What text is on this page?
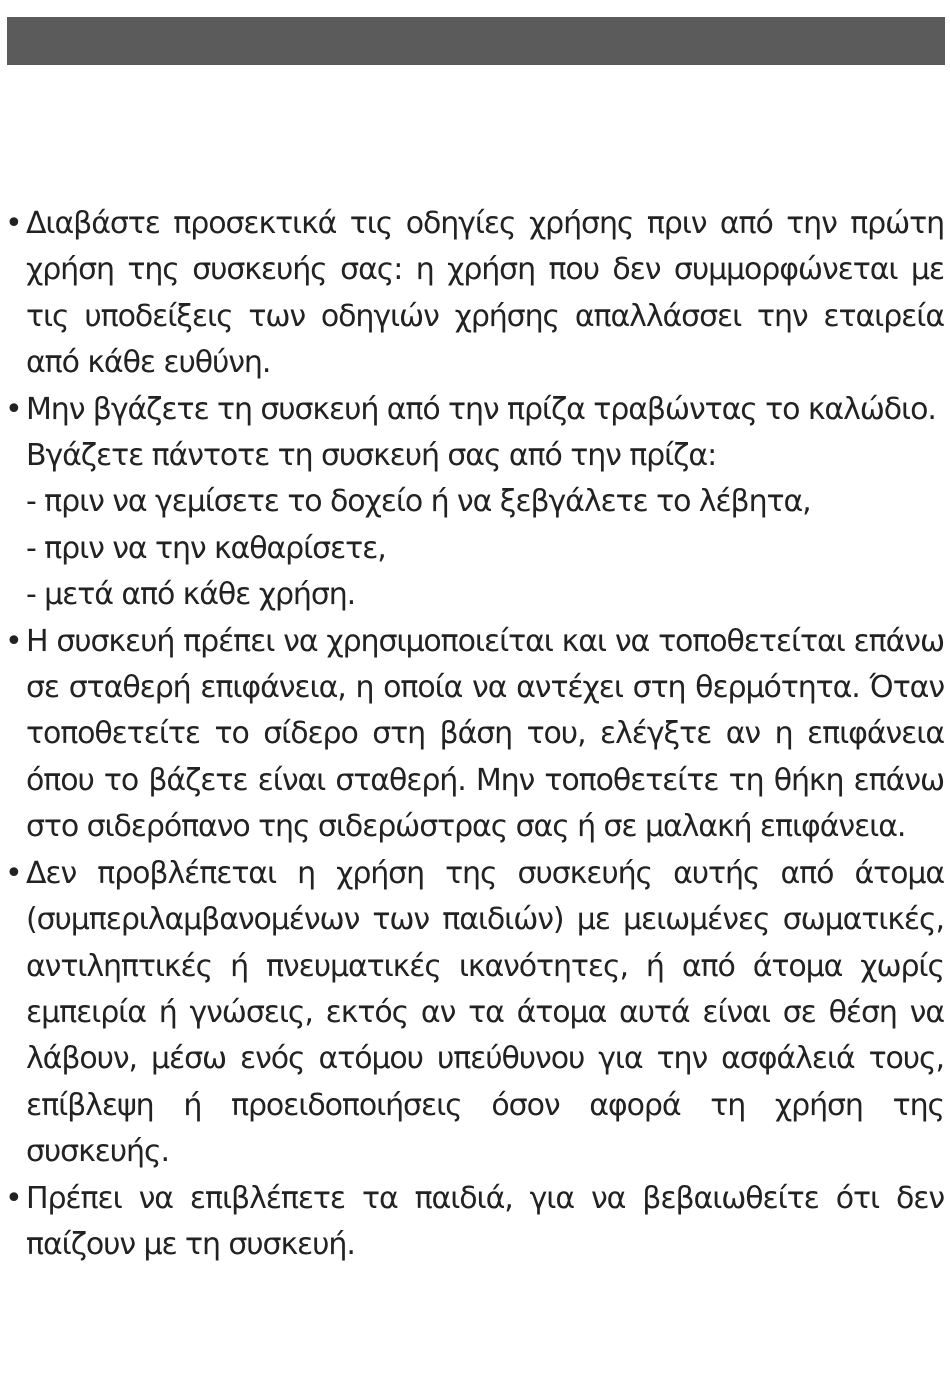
• Διαβάστε προσεκτικά τις οδηγίες χρήσης πριν από την πρώτη χρήση της συσκευής σας: η χρήση που δεν συμμορφώνεται με τις υποδείξεις των οδηγιών χρήσης απαλλάσσει την εταιρεία από κάθε ευθύνη.

• Μην βγάζετε τη συσκευή από την πρίζα τραβώντας το καλώδιο.

Βγάζετε πάντοτε τη συσκευή σας από την πρίζα:

- πριν να γεμίσετε το δοχείο ή να ξεβγάλετε το λέβητα,

- πριν να την καθαρίσετε,

- μετά από κάθε χρήση.

• Η συσκευή πρέπει να χρησιμοποιείται και να τοποθετείται επάνω σε σταθερή επιφάνεια, η οποία να αντέχει στη θερμότητα. Όταν τοποθετείτε το σίδερο στη βάση του, ελέγξτε αν η επιφάνεια όπου το βάζετε είναι σταθερή. Μην τοποθετείτε τη θήκη επάνω στο σιδερόπανο της σιδερώστρας σας ή σε μαλακή επιφάνεια.

• Δεν προβλέπεται η χρήση της συσκευής αυτής από άτομα (συμπεριλαμβανομένων των παιδιών) με μειωμένες σωματικές, αντιληπτικές ή πνευματικές ικανότητες, ή από άτομα χωρίς εμπειρία ή γνώσεις, εκτός αν τα άτομα αυτά είναι σε θέση να λάβουν, μέσω ενός ατόμου υπεύθυνου για την ασφάλειά τους, επίβλεψη ή προειδοποιήσεις όσον αφορά τη χρήση της συσκευής.

• Πρέπει να επιβλέπετε τα παιδιά, για να βεβαιωθείτε ότι δεν παίζουν με τη συσκευή.
